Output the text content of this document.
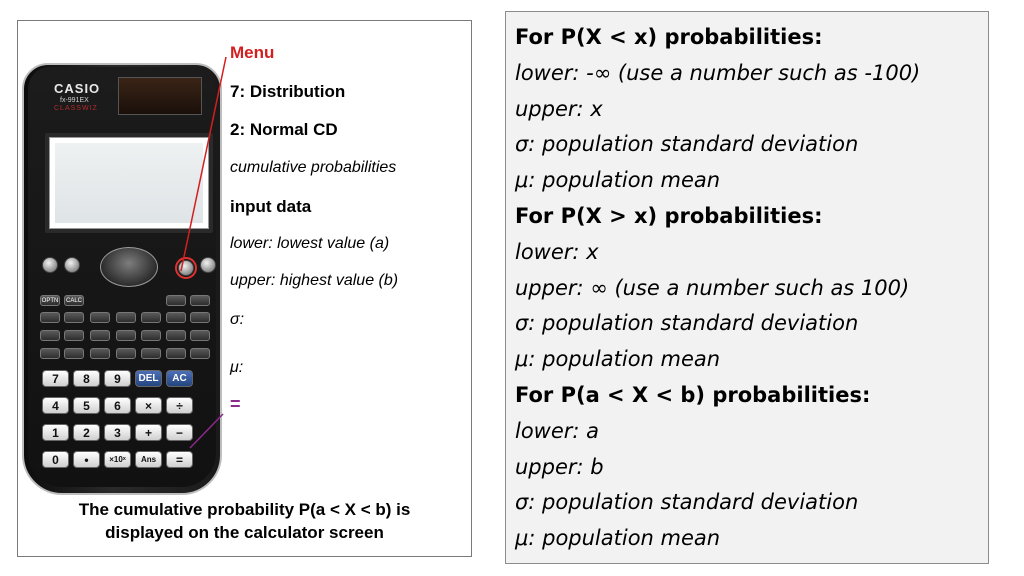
CASIO
fx-991EX
CLASSWIZ
OPTN	CALC
7	8	9	DEL	AC
4	5	6	×	÷
1	2	3	+	−
0	•	×10ˣ	Ans	=
Menu
7: Distribution
2: Normal CD
cumulative probabilities
input data
lower: lowest value (a)
upper: highest value (b)
σ:
μ:
=
The cumulative probability P(a < X < b) is
displayed on the calculator screen
For P(X < x) probabilities:
lower: -∞ (use a number such as -100)
upper: x
σ: population standard deviation
μ: population mean
For P(X > x) probabilities:
lower: x
upper: ∞ (use a number such as 100)
σ: population standard deviation
μ: population mean
For P(a < X < b) probabilities:
lower: a
upper: b
σ: population standard deviation
μ: population mean
